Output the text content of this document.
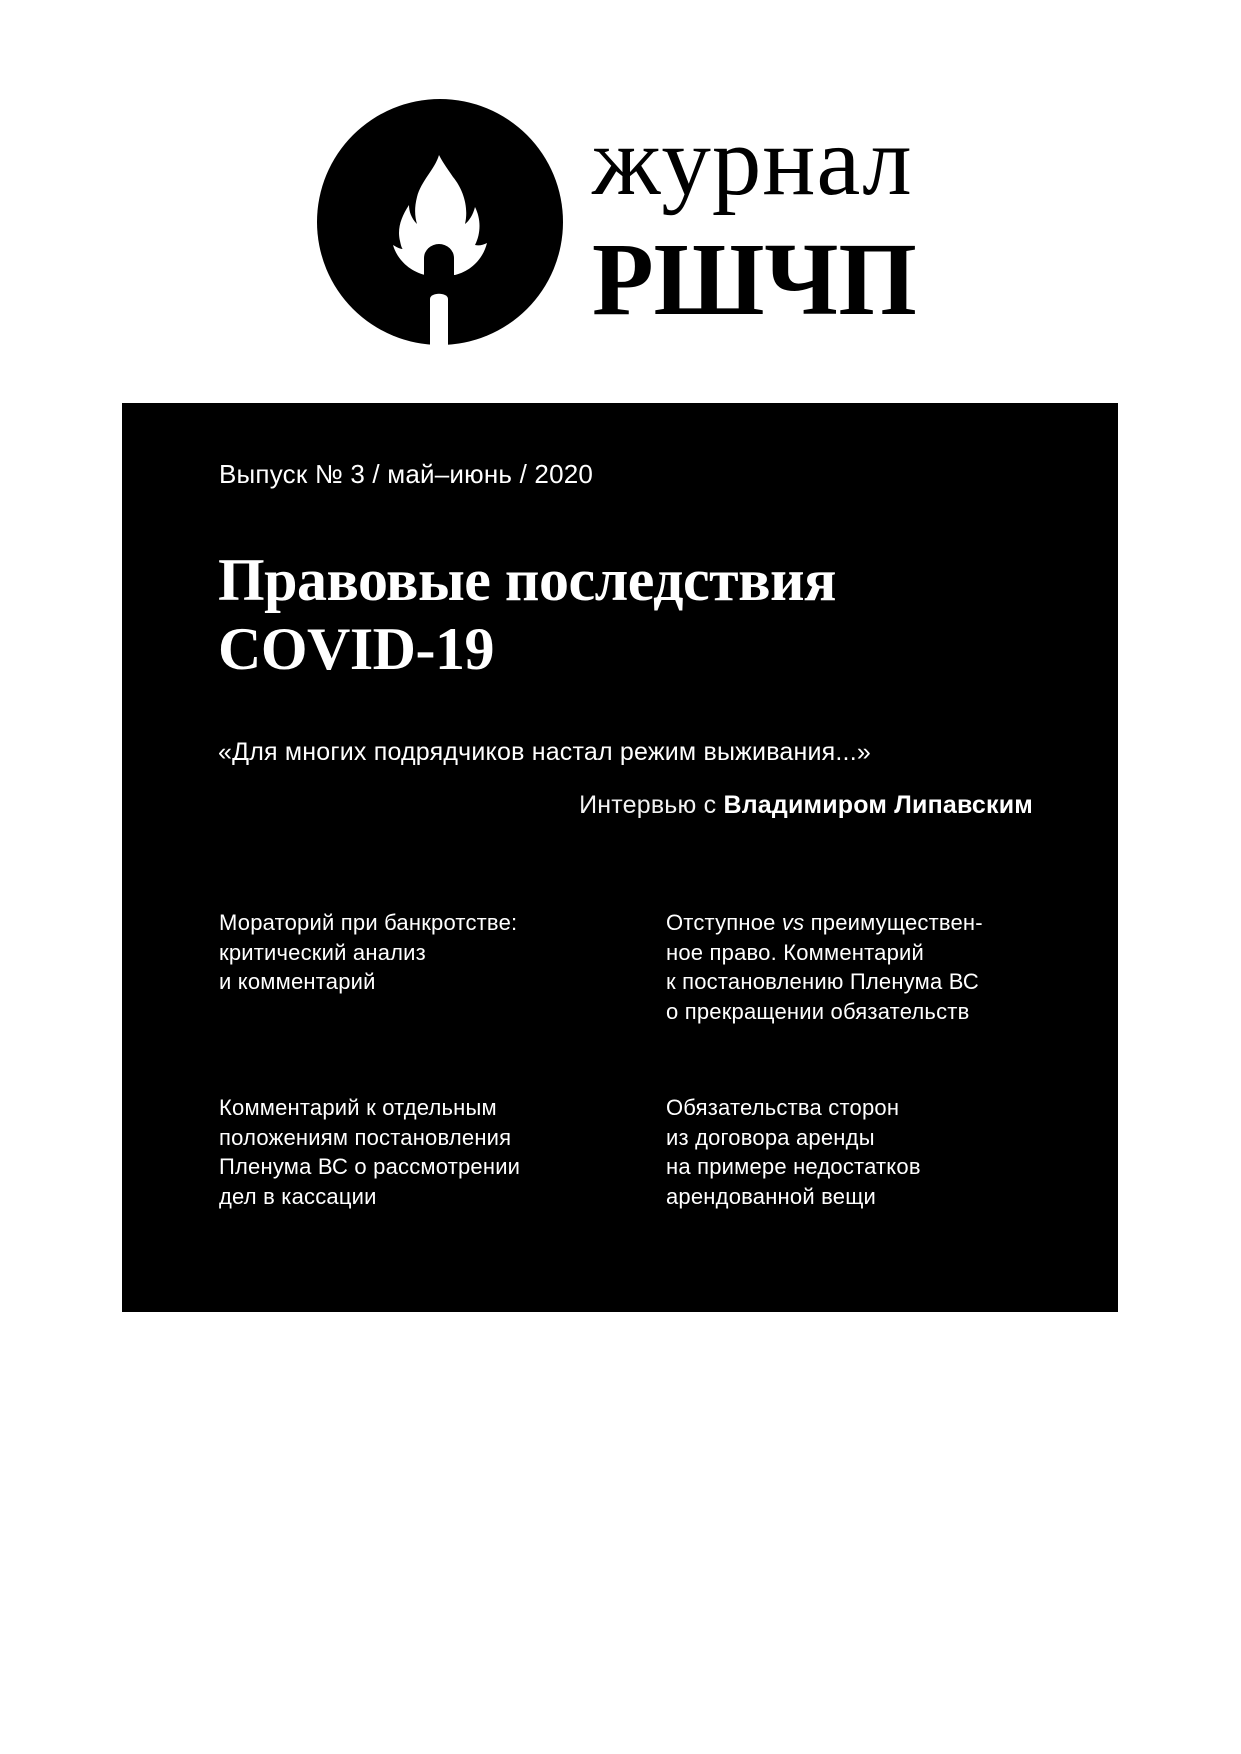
журнал
РШЧП
Выпуск № 3 / май–июнь / 2020
Правовые последствия
COVID-19
«Для многих подрядчиков настал режим выживания...»
Интервью с Владимиром Липавским
Мораторий при банкротстве:
критический анализ
и комментарий
Отступное vs преимуществен-
ное право. Комментарий
к постановлению Пленума ВС
о прекращении обязательств
Комментарий к отдельным
положениям постановления
Пленума ВС о рассмотрении
дел в кассации
Обязательства сторон
из договора аренды
на примере недостатков
арендованной вещи
